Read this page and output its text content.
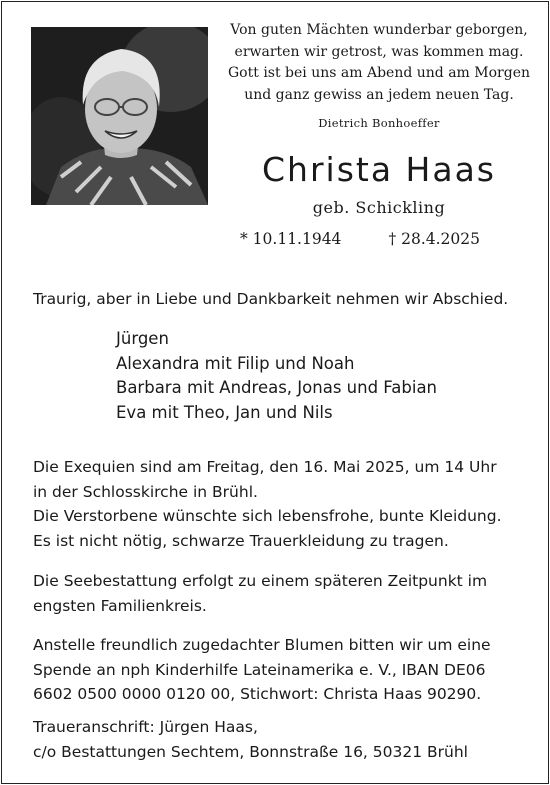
Von guten Mächten wunderbar geborgen,
erwarten wir getrost, was kommen mag.
Gott ist bei uns am Abend und am Morgen
und ganz gewiss an jedem neuen Tag.
Dietrich Bonhoeffer
Christa Haas
geb. Schickling
* 10.11.1944	† 28.4.2025
Traurig, aber in Liebe und Dankbarkeit nehmen wir Abschied.
Jürgen
Alexandra mit Filip und Noah
Barbara mit Andreas, Jonas und Fabian
Eva mit Theo, Jan und Nils
Die Exequien sind am Freitag, den 16. Mai 2025, um 14 Uhr
in der Schlosskirche in Brühl.
Die Verstorbene wünschte sich lebensfrohe, bunte Kleidung.
Es ist nicht nötig, schwarze Trauerkleidung zu tragen.
Die Seebestattung erfolgt zu einem späteren Zeitpunkt im
engsten Familienkreis.
Anstelle freundlich zugedachter Blumen bitten wir um eine
Spende an nph Kinderhilfe Lateinamerika e. V., IBAN DE06
6602 0500 0000 0120 00, Stichwort: Christa Haas 90290.
Traueranschrift: Jürgen Haas,
c/o Bestattungen Sechtem, Bonnstraße 16, 50321 Brühl
